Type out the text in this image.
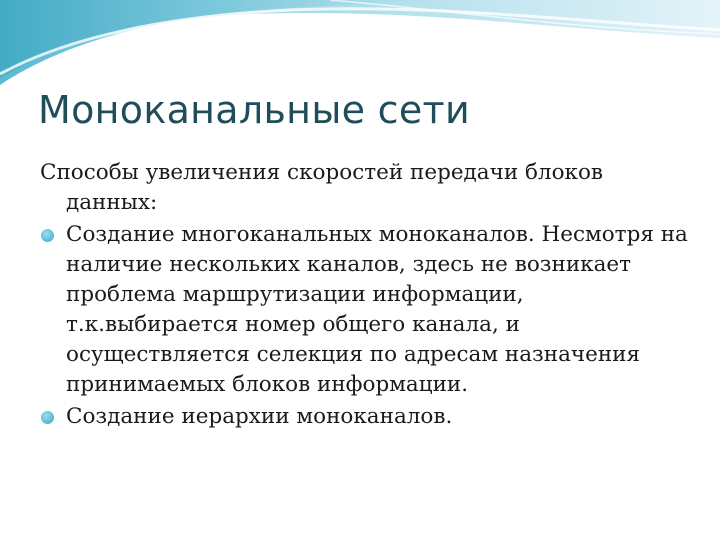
Моноканальные сети

Способы увеличения скоростей передачи блоков данных:

Создание многоканальных моноканалов. Несмотря на наличие нескольких каналов, здесь не возникает проблема маршрутизации информации, т.к.выбирается номер общего канала, и осуществляется селекция по адресам назначения принимаемых блоков информации.
Создание иерархии моноканалов.
